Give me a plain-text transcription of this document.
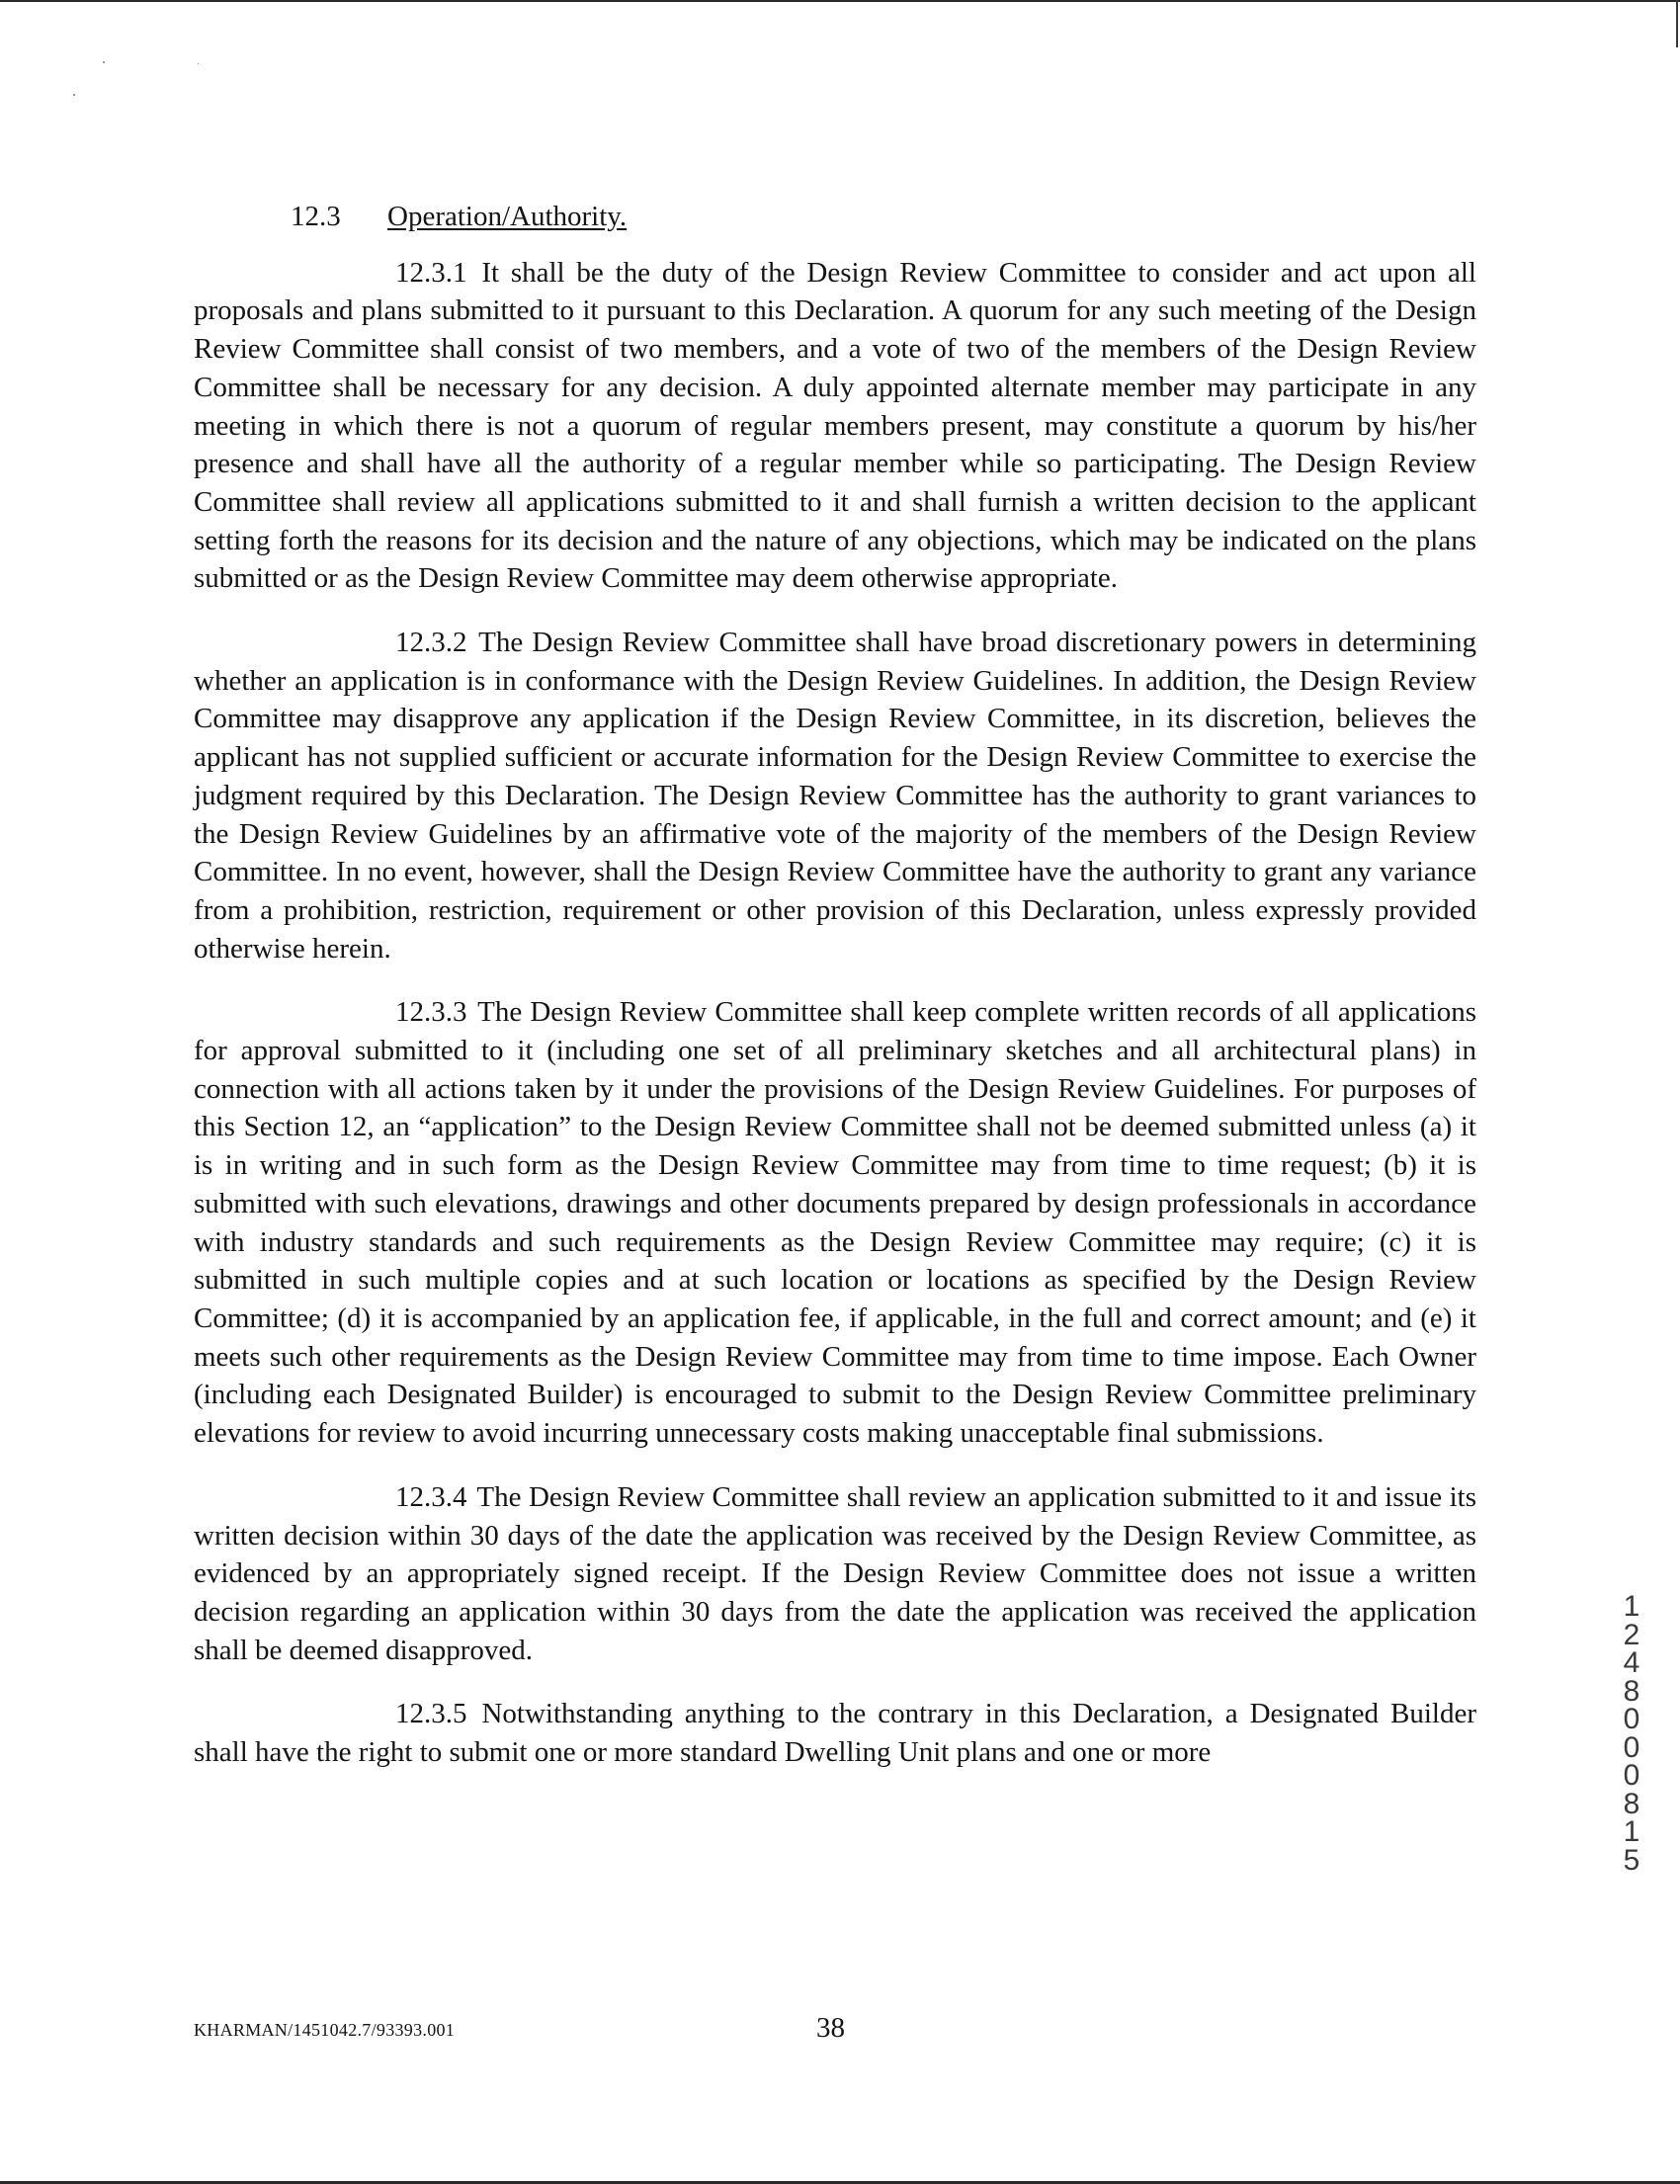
12.3 Operation/Authority.

12.3.1 It shall be the duty of the Design Review Committee to consider and act upon all proposals and plans submitted to it pursuant to this Declaration. A quorum for any such meeting of the Design Review Committee shall consist of two members, and a vote of two of the members of the Design Review Committee shall be necessary for any decision. A duly appointed alternate member may participate in any meeting in which there is not a quorum of regular members present, may constitute a quorum by his/her presence and shall have all the authority of a regular member while so participating. The Design Review Committee shall review all applications submitted to it and shall furnish a written decision to the applicant setting forth the reasons for its decision and the nature of any objections, which may be indicated on the plans submitted or as the Design Review Committee may deem otherwise appropriate.

12.3.2 The Design Review Committee shall have broad discretionary powers in determining whether an application is in conformance with the Design Review Guidelines. In addition, the Design Review Committee may disapprove any application if the Design Review Committee, in its discretion, believes the applicant has not supplied sufficient or accurate information for the Design Review Committee to exercise the judgment required by this Declaration. The Design Review Committee has the authority to grant variances to the Design Review Guidelines by an affirmative vote of the majority of the members of the Design Review Committee. In no event, however, shall the Design Review Committee have the authority to grant any variance from a prohibition, restriction, requirement or other provision of this Declaration, unless expressly provided otherwise herein.

12.3.3 The Design Review Committee shall keep complete written records of all applications for approval submitted to it (including one set of all preliminary sketches and all architectural plans) in connection with all actions taken by it under the provisions of the Design Review Guidelines. For purposes of this Section 12, an “application” to the Design Review Committee shall not be deemed submitted unless (a) it is in writing and in such form as the Design Review Committee may from time to time request; (b) it is submitted with such elevations, drawings and other documents prepared by design professionals in accordance with industry standards and such requirements as the Design Review Committee may require; (c) it is submitted in such multiple copies and at such location or locations as specified by the Design Review Committee; (d) it is accompanied by an application fee, if applicable, in the full and correct amount; and (e) it meets such other requirements as the Design Review Committee may from time to time impose. Each Owner (including each Designated Builder) is encouraged to submit to the Design Review Committee preliminary elevations for review to avoid incurring unnecessary costs making unacceptable final submissions.

12.3.4 The Design Review Committee shall review an application submitted to it and issue its written decision within 30 days of the date the application was received by the Design Review Committee, as evidenced by an appropriately signed receipt. If the Design Review Committee does not issue a written decision regarding an application within 30 days from the date the application was received the application shall be deemed disapproved.

12.3.5 Notwithstanding anything to the contrary in this Declaration, a Designated Builder shall have the right to submit one or more standard Dwelling Unit plans and one or more

KHARMAN/1451042.7/93393.001	38
12480 00815
